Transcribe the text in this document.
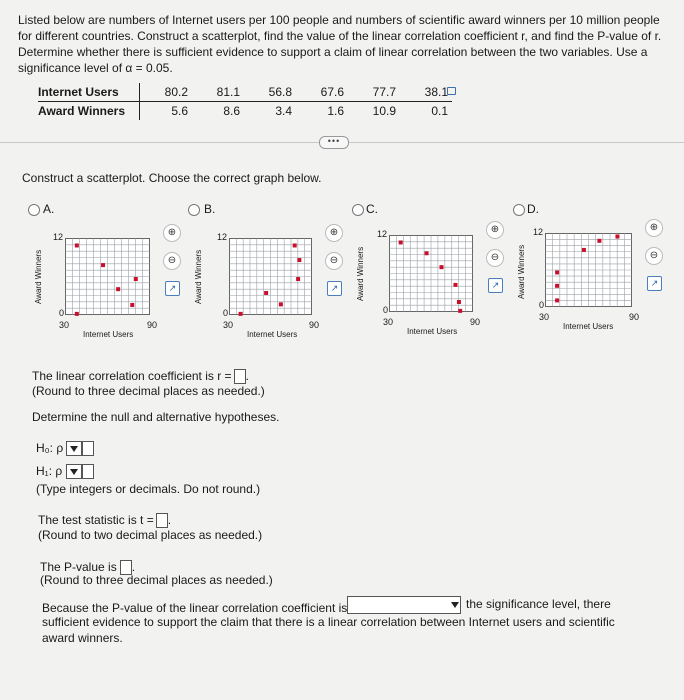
Listed below are numbers of Internet users per 100 people and numbers of scientific award winners per 10 million people for different countries. Construct a scatterplot, find the value of the linear correlation coefficient r, and find the P-value of r. Determine whether there is sufficient evidence to support a claim of linear correlation between the two variables. Use a significance level of α = 0.05.
Internet Users	80.2	81.1	56.8	67.6	77.7	38.1
Award Winners	5.6	8.6	3.4	1.6	10.9	0.1
•••
Construct a scatterplot. Choose the correct graph below.
A.
12
0
30	90
Internet Users
Award Winners
⊕
⊖
↗
B.
12
0
30	90
Internet Users
Award Winners
⊕
⊖
↗
C.
12
0
30	90
Internet Users
Award Winners
⊕
⊖
↗
D.
12
0
30	90
Internet Users
Award Winners
⊕
⊖
↗
The linear correlation coefficient is r = .
(Round to three decimal places as needed.)
Determine the null and alternative hypotheses.
H₀: ρ
H₁: ρ
(Type integers or decimals. Do not round.)
The test statistic is t = .
(Round to two decimal places as needed.)
The P-value is .
(Round to three decimal places as needed.)
Because the P-value of the linear correlation coefficient is
	the significance level, there
sufficient evidence to support the claim that there is a linear correlation between Internet users and scientific award winners.
